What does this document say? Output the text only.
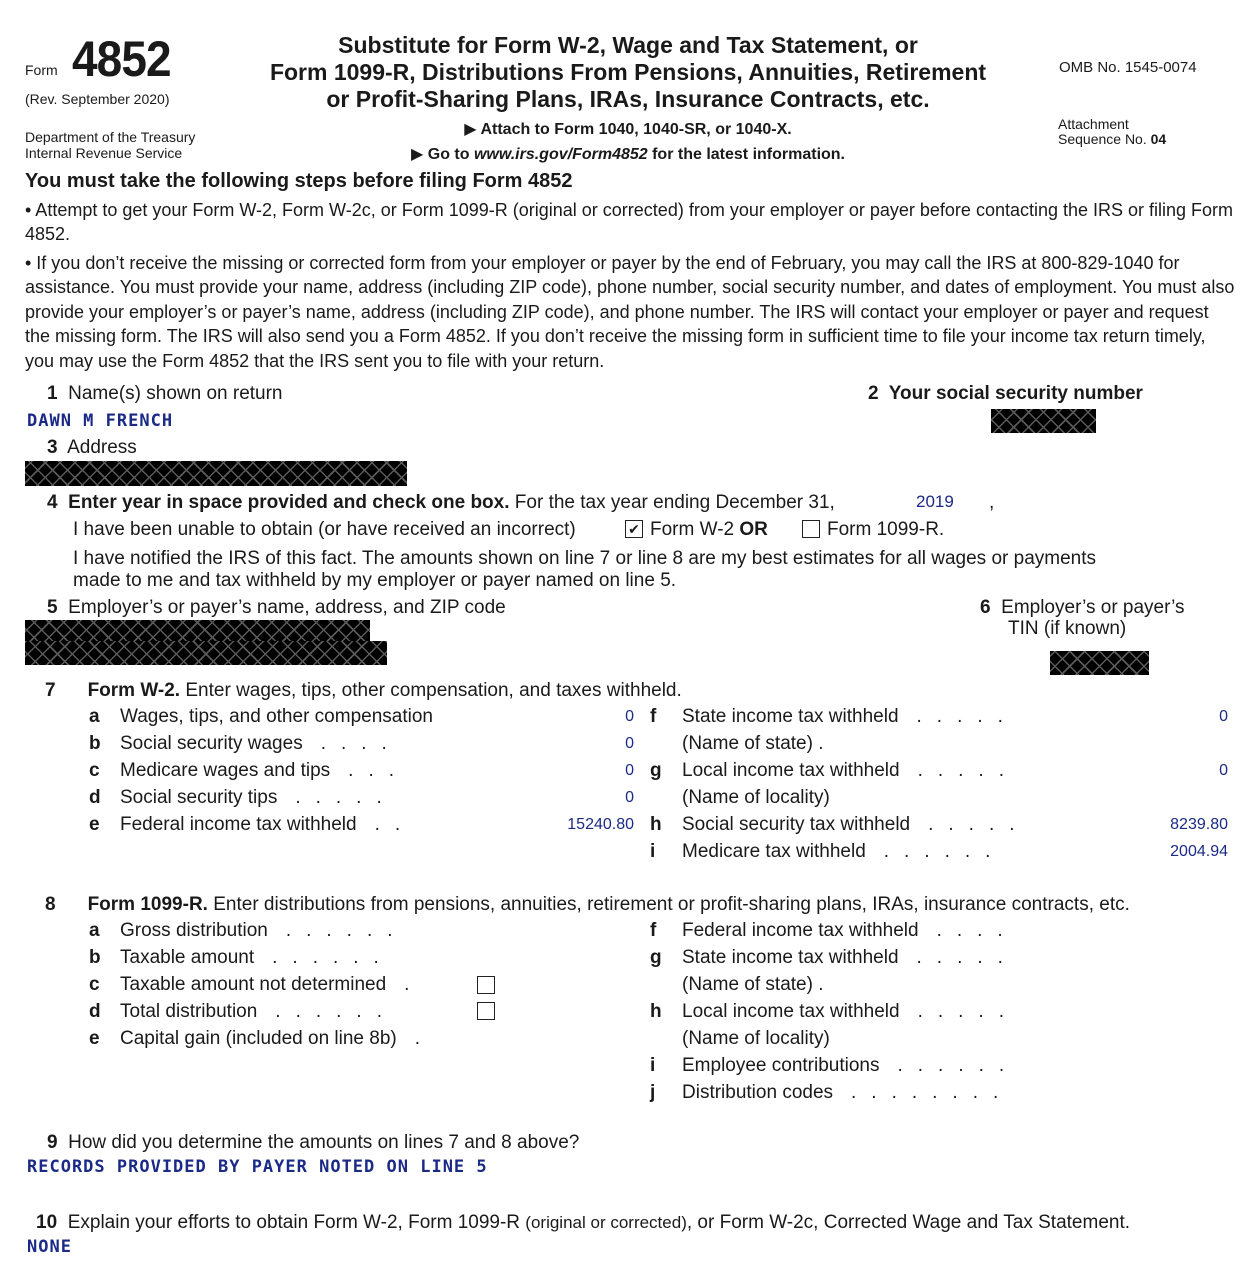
Form 4852
(Rev. September 2020)
Department of the Treasury
Internal Revenue Service
Substitute for Form W-2, Wage and Tax Statement, or
Form 1099-R, Distributions From Pensions, Annuities, Retirement
or Profit-Sharing Plans, IRAs, Insurance Contracts, etc.
▶ Attach to Form 1040, 1040-SR, or 1040-X.
▶ Go to www.irs.gov/Form4852 for the latest information.
OMB No. 1545-0074
Attachment
Sequence No. 04
You must take the following steps before filing Form 4852
• Attempt to get your Form W-2, Form W-2c, or Form 1099-R (original or corrected) from your employer or payer before contacting the IRS or filing Form 4852.
• If you don’t receive the missing or corrected form from your employer or payer by the end of February, you may call the IRS at 800-829-1040 for assistance. You must provide your name, address (including ZIP code), phone number, social security number, and dates of employment. You must also provide your employer’s or payer’s name, address (including ZIP code), and phone number. The IRS will contact your employer or payer and request the missing form. The IRS will also send you a Form 4852. If you don’t receive the missing form in sufficient time to file your income tax return timely, you may use the Form 4852 that the IRS sent you to file with your return.
1 Name(s) shown on return
DAWN M FRENCH
2 Your social security number
3 Address
4 Enter year in space provided and check one box. For the tax year ending December 31,	2019 ,
I have been unable to obtain (or have received an incorrect)	✔ Form W-2 OR	Form 1099-R.
I have notified the IRS of this fact. The amounts shown on line 7 or line 8 are my best estimates for all wages or payments
made to me and tax withheld by my employer or payer named on line 5.
5 Employer’s or payer’s name, address, and ZIP code	6 Employer’s or payer’s
TIN (if known)
7 Form W-2. Enter wages, tips, other compensation, and taxes withheld.
a Wages, tips, and other compensation	0
b Social security wages ....	0
c Medicare wages and tips ...	0
d Social security tips .....	0
e Federal income tax withheld ..	15240.80
f State income tax withheld .....	0
(Name of state) .
g Local income tax withheld .....	0
(Name of locality)
h Social security tax withheld .....	8239.80
i Medicare tax withheld ......	2004.94
8 Form 1099-R. Enter distributions from pensions, annuities, retirement or profit-sharing plans, IRAs, insurance contracts, etc.
a Gross distribution ......
b Taxable amount ......
c Taxable amount not determined .
d Total distribution ......
e Capital gain (included on line 8b) .
f Federal income tax withheld ....
g State income tax withheld .....
(Name of state) .
h Local income tax withheld .....
(Name of locality)
i Employee contributions ......
j Distribution codes ........
9 How did you determine the amounts on lines 7 and 8 above?
RECORDS PROVIDED BY PAYER NOTED ON LINE 5
10 Explain your efforts to obtain Form W-2, Form 1099-R (original or corrected), or Form W-2c, Corrected Wage and Tax Statement.
NONE
